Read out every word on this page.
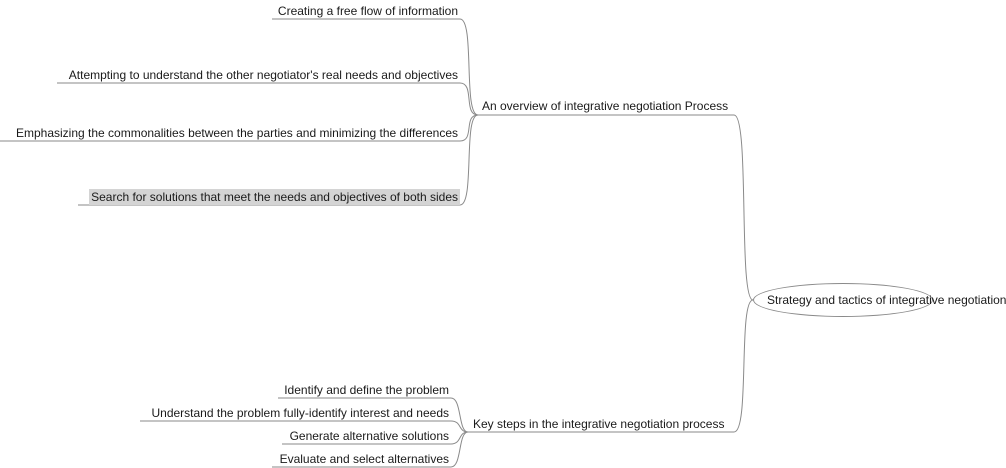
Creating a free flow of information
Attempting to understand the other negotiator's real needs and objectives
Emphasizing the commonalities between the parties and minimizing the differences
Search for solutions that meet the needs and objectives of both sides
An overview of integrative negotiation Process
Strategy and tactics of integrative negotiation
Identify and define the problem
Understand the problem fully-identify interest and needs
Generate alternative solutions
Evaluate and select alternatives
Key steps in the integrative negotiation process
